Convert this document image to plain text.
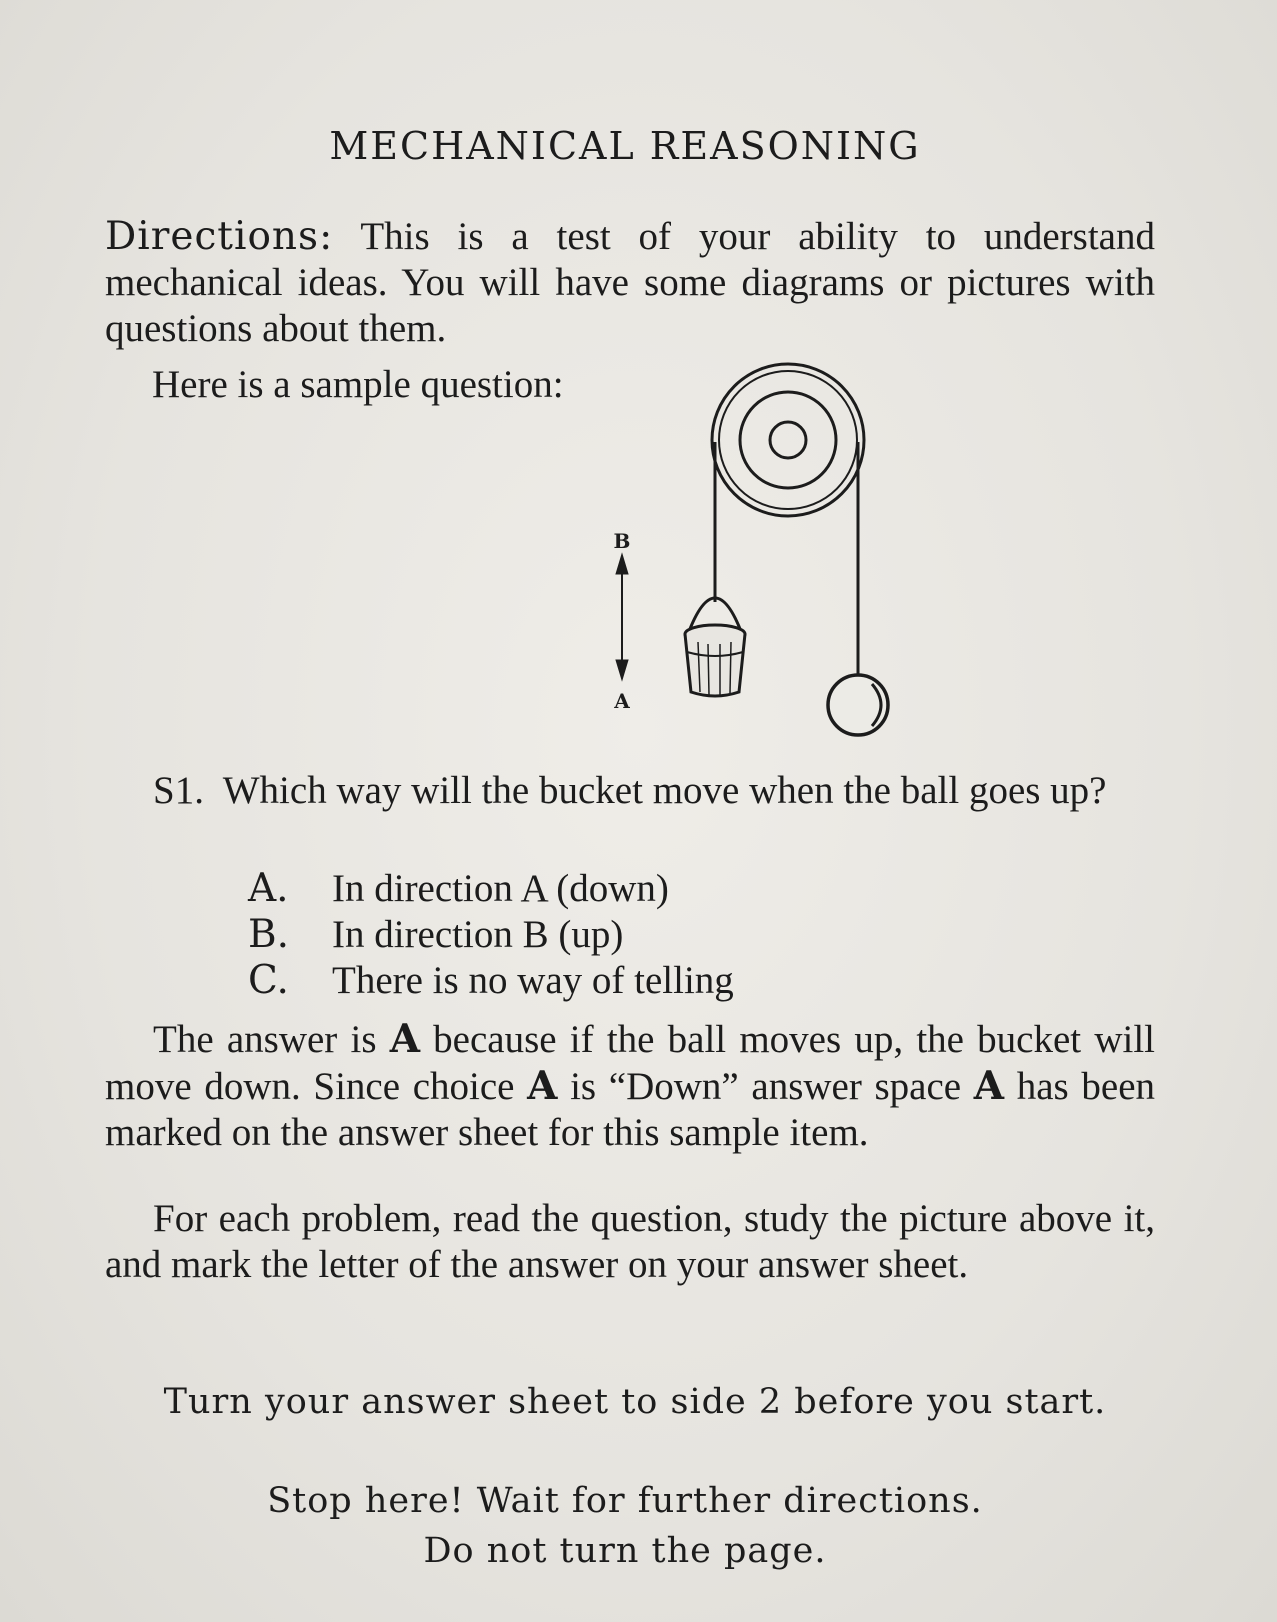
MECHANICAL REASONING

Directions: This is a test of your ability to understand mechanical ideas. You will have some diagrams or pictures with questions about them.

Here is a sample question:
B
A

S1. Which way will the bucket move when the ball goes up?

A.	In direction A (down)
B.	In direction B (up)
C.	There is no way of telling

The answer is A because if the ball moves up, the bucket will move down. Since choice A is “Down” answer space A has been marked on the answer sheet for this sample item.

For each problem, read the question, study the picture above it, and mark the letter of the answer on your answer sheet.

Turn your answer sheet to side 2 before you start.
Stop here! Wait for further directions.
Do not turn the page.
